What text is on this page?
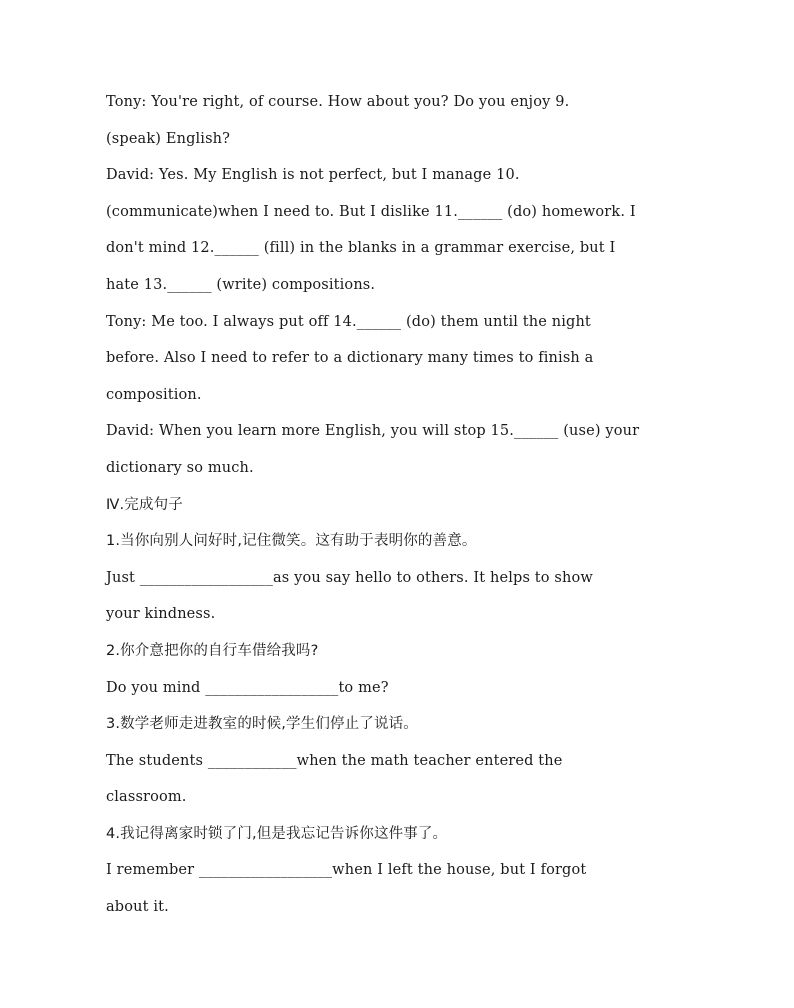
Tony: You're right, of course. How about you? Do you enjoy 9.
(speak) English?
David: Yes. My English is not perfect, but I manage 10.
(communicate)when I need to. But I dislike 11.______ (do) homework. I
don't mind 12.______ (fill) in the blanks in a grammar exercise, but I
hate 13.______ (write) compositions.
Tony: Me too. I always put off 14.______ (do) them until the night
before. Also I need to refer to a dictionary many times to finish a
composition.
David: When you learn more English, you will stop 15.______ (use) your
dictionary so much.
Ⅳ.完成句子
1.当你向别人问好时,记住微笑。这有助于表明你的善意。
Just __________________as you say hello to others. It helps to show
your kindness.
2.你介意把你的自行车借给我吗?
Do you mind __________________to me?
3.数学老师走进教室的时候,学生们停止了说话。
The students ____________when the math teacher entered the
classroom.
4.我记得离家时锁了门,但是我忘记告诉你这件事了。
I remember __________________when I left the house, but I forgot
about it.
